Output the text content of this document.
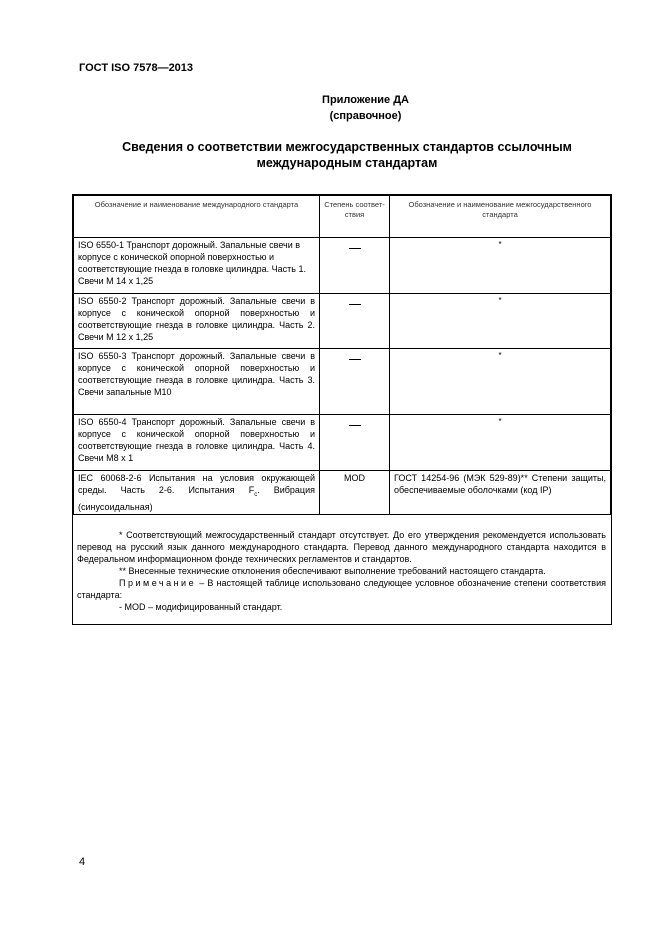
ГОСТ ISO 7578—2013
Приложение ДА
(справочное)
Сведения о соответствии межгосударственных стандартов ссылочным международным стандартам
Обозначение и наименование международного стандарта	Степень соответ- ствия	Обозначение и наименование межгосударственного стандарта
ISO 6550-1 Транспорт дорожный. Запальные свечи в корпусе с конической опорной поверхностью и соответствующие гнезда в головке цилиндра. Часть 1. Свечи М 14 x 1,25		*
ISO 6550-2 Транспорт дорожный. Запальные свечи в корпусе с конической опорной поверхностью и соответствующие гнезда в головке цилиндра. Часть 2. Свечи М 12 x 1,25		*
ISO 6550-3 Транспорт дорожный. Запальные свечи в корпусе с конической опорной поверхностью и соответствующие гнезда в головке цилиндра. Часть 3. Свечи запальные М10		*
ISO 6550-4 Транспорт дорожный. Запальные свечи в корпусе с конической опорной поверхностью и соответствующие гнезда в головке цилиндра. Часть 4. Свечи М8 x 1		*
IEC 60068-2-6 Испытания на условия окружающей среды. Часть 2-6. Испытания $F_c$. Вибрация (синусоидальная)	MOD	ГОСТ 14254-96 (МЭК 529-89)** Степени защиты, обеспечиваемые оболочками (код IP)

* Соответствующий межгосударственный стандарт отсутствует. До его утверждения рекомендуется использовать перевод на русский язык данного международного стандарта. Перевод данного международного стандарта находится в Федеральном информационном фонде технических регламентов и стандартов.

** Внесенные технические отклонения обеспечивают выполнение требований настоящего стандарта.

Примечание – В настоящей таблице использовано следующее условное обозначение степени соответствия стандарта:

- MOD – модифицированный стандарт.

4
